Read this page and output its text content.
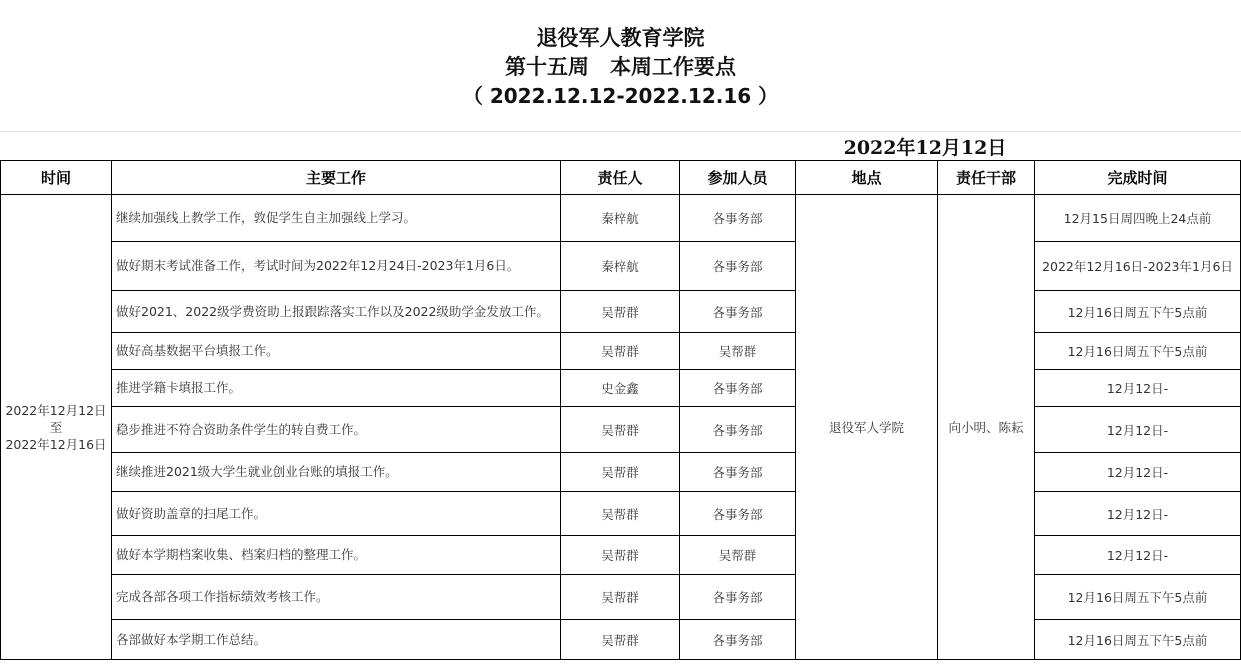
退役军人教育学院
第十五周　本周工作要点
（ 2022.12.12-2022.12.16 ）
2022年12月12日
时间	主要工作	责任人	参加人员	地点	责任干部	完成时间

2022年12月12日
至
2022年12月16日	继续加强线上教学工作，敦促学生自主加强线上学习。	秦梓航	各事务部	退役军人学院	向小明、陈耘	12月15日周四晚上24点前
	做好期末考试准备工作，考试时间为2022年12月24日-2023年1月6日。	秦梓航	各事务部			2022年12月16日-2023年1月6日
	做好2021、2022级学费资助上报跟踪落实工作以及2022级助学金发放工作。	吴帮群	各事务部			12月16日周五下午5点前
	做好高基数据平台填报工作。	吴帮群	吴帮群			12月16日周五下午5点前
	推进学籍卡填报工作。	史金鑫	各事务部			12月12日-
	稳步推进不符合资助条件学生的转自费工作。	吴帮群	各事务部			12月12日-
	继续推进2021级大学生就业创业台账的填报工作。	吴帮群	各事务部			12月12日-
	做好资助盖章的扫尾工作。	吴帮群	各事务部			12月12日-
	做好本学期档案收集、档案归档的整理工作。	吴帮群	吴帮群			12月12日-
	完成各部各项工作指标绩效考核工作。	吴帮群	各事务部			12月16日周五下午5点前
	各部做好本学期工作总结。	吴帮群	各事务部			12月16日周五下午5点前
